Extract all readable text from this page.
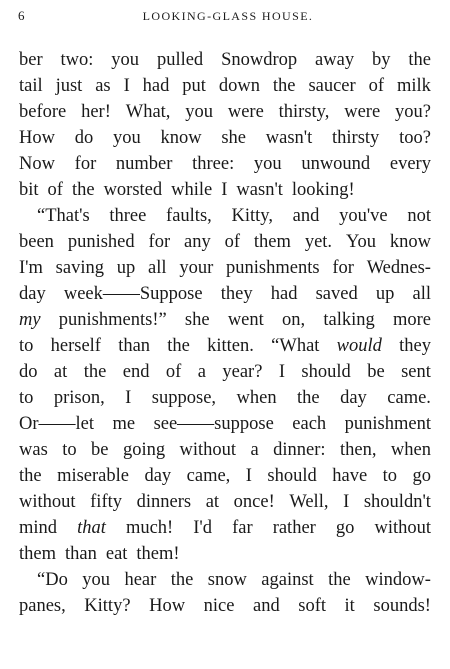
6	LOOKING-GLASS HOUSE.
ber two: you pulled Snowdrop away by the
tail just as I had put down the saucer of milk
before her! What, you were thirsty, were you?
How do you know she wasn't thirsty too?
Now for number three: you unwound every
bit of the worsted while I wasn't looking!
“That's three faults, Kitty, and you've not
been punished for any of them yet. You know
I'm saving up all your punishments for Wednes-
day week——Suppose they had saved up all
my punishments!” she went on, talking more
to herself than the kitten. “What would they
do at the end of a year? I should be sent
to prison, I suppose, when the day came.
Or——let me see——suppose each punishment
was to be going without a dinner: then, when
the miserable day came, I should have to go
without fifty dinners at once! Well, I shouldn't
mind that much! I'd far rather go without
them than eat them!
“Do you hear the snow against the window-
panes, Kitty? How nice and soft it sounds!
